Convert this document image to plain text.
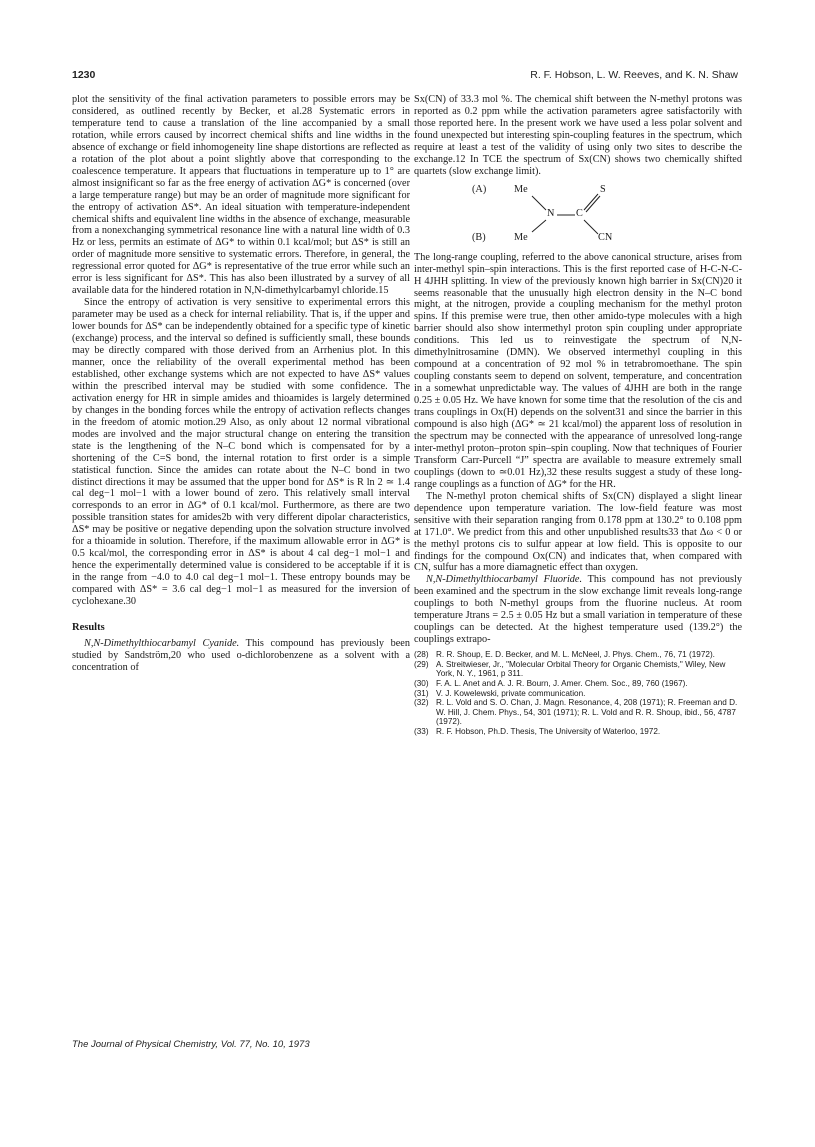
1230	R. F. Hobson, L. W. Reeves, and K. N. Shaw

plot the sensitivity of the final activation parameters to possible errors may be considered, as outlined recently by Becker, et al.28 Systematic errors in temperature tend to cause a translation of the line accompanied by a small rotation, while errors caused by incorrect chemical shifts and line widths in the absence of exchange or field inhomogeneity line shape distortions are reflected as a rotation of the plot about a point slightly above that corresponding to the coalescence temperature. It appears that fluctuations in temperature up to 1° are almost insignificant so far as the free energy of activation ΔG* is concerned (over a large temperature range) but may be an order of magnitude more significant for the entropy of activation ΔS*. An ideal situation with temperature-independent chemical shifts and equivalent line widths in the absence of exchange, measurable from a nonexchanging symmetrical resonance line with a natural line width of 0.3 Hz or less, permits an estimate of ΔG* to within 0.1 kcal/mol; but ΔS* is still an order of magnitude more sensitive to systematic errors. Therefore, in general, the regressional error quoted for ΔG* is representative of the true error while such an error is less significant for ΔS*. This has also been illustrated by a survey of all available data for the hindered rotation in N,N-dimethylcarbamyl chloride.15

Since the entropy of activation is very sensitive to experimental errors this parameter may be used as a check for internal reliability. That is, if the upper and lower bounds for ΔS* can be independently obtained for a specific type of kinetic (exchange) process, and the interval so defined is sufficiently small, these bounds may be directly compared with those derived from an Arrhenius plot. In this manner, once the reliability of the overall experimental method has been established, other exchange systems which are not expected to have ΔS* values within the prescribed interval may be studied with some confidence. The activation energy for HR in simple amides and thioamides is largely determined by changes in the bonding forces while the entropy of activation reflects changes in the freedom of atomic motion.29 Also, as only about 12 normal vibrational modes are involved and the major structural change on entering the transition state is the lengthening of the N–C bond which is compensated for by a shortening of the C=S bond, the internal rotation to first order is a simple statistical function. Since the amides can rotate about the N–C bond in two distinct directions it may be assumed that the upper bond for ΔS* is R ln 2 ≃ 1.4 cal deg−1 mol−1 with a lower bound of zero. This relatively small interval corresponds to an error in ΔG* of 0.1 kcal/mol. Furthermore, as there are two possible transition states for amides2b with very different dipolar characteristics, ΔS* may be positive or negative depending upon the solvation structure involved for a thioamide in solution. Therefore, if the maximum allowable error in ΔG* is 0.5 kcal/mol, the corresponding error in ΔS* is about 4 cal deg−1 mol−1 and hence the experimentally determined value is considered to be acceptable if it is in the range from −4.0 to 4.0 cal deg−1 mol−1. These entropy bounds may be compared with ΔS* = 3.6 cal deg−1 mol−1 as measured for the inversion of cyclohexane.30

Results

N,N-Dimethylthiocarbamyl Cyanide. This compound has previously been studied by Sandström,20 who used o-dichlorobenzene as a solvent with a concentration of

Sx(CN) of 33.3 mol %. The chemical shift between the N-methyl protons was reported as 0.2 ppm while the activation parameters agree satisfactorily with those reported here. In the present work we have used a less polar solvent and found unexpected but interesting spin-coupling features in the spectrum, which require at least a test of the validity of using only two sites to describe the exchange.12 In TCE the spectrum of Sx(CN) shows two chemically shifted quartets (slow exchange limit).

(A)
(B)
Me
Me
N C
S
CN

The long-range coupling, referred to the above canonical structure, arises from inter-methyl spin–spin interactions. This is the first reported case of H-C-N-C-H 4JHH splitting. In view of the previously known high barrier in Sx(CN)20 it seems reasonable that the unusually high electron density in the N–C bond might, at the nitrogen, provide a coupling mechanism for the methyl proton spins. If this premise were true, then other amido-type molecules with a high barrier should also show intermethyl proton spin coupling under appropriate conditions. This led us to reinvestigate the spectrum of N,N-dimethylnitrosamine (DMN). We observed intermethyl coupling in this compound at a concentration of 92 mol % in tetrabromoethane. The spin coupling constants seem to depend on solvent, temperature, and concentration in a somewhat unpredictable way. The values of 4JHH are both in the range 0.25 ± 0.05 Hz. We have known for some time that the resolution of the cis and trans couplings in Ox(H) depends on the solvent31 and since the barrier in this compound is also high (ΔG* ≃ 21 kcal/mol) the apparent loss of resolution in the spectrum may be connected with the appearance of unresolved long-range inter-methyl proton–proton spin–spin coupling. Now that techniques of Fourier Transform Carr-Purcell “J” spectra are available to measure extremely small couplings (down to ≃0.01 Hz),32 these results suggest a study of these long-range couplings as a function of ΔG* for the HR.

The N-methyl proton chemical shifts of Sx(CN) displayed a slight linear dependence upon temperature variation. The low-field feature was most sensitive with their separation ranging from 0.178 ppm at 130.2° to 0.108 ppm at 171.0°. We predict from this and other unpublished results33 that Δω < 0 or the methyl protons cis to sulfur appear at low field. This is opposite to our findings for the compound Ox(CN) and indicates that, when compared with CN, sulfur has a more diamagnetic effect than oxygen.

N,N-Dimethylthiocarbamyl Fluoride. This compound has not previously been examined and the spectrum in the slow exchange limit reveals long-range couplings to both N-methyl groups from the fluorine nucleus. At room temperature Jtrans = 2.5 ± 0.05 Hz but a small variation in temperature of these couplings can be detected. At the highest temperature used (139.2°) the couplings extrapo-

(28) R. R. Shoup, E. D. Becker, and M. L. McNeel, J. Phys. Chem., 76, 71 (1972).
(29) A. Streitwieser, Jr., "Molecular Orbital Theory for Organic Chemists," Wiley, New York, N. Y., 1961, p 311.
(30) F. A. L. Anet and A. J. R. Bourn, J. Amer. Chem. Soc., 89, 760 (1967).
(31) V. J. Kowelewski, private communication.
(32) R. L. Vold and S. O. Chan, J. Magn. Resonance, 4, 208 (1971); R. Freeman and D. W. Hill, J. Chem. Phys., 54, 301 (1971); R. L. Vold and R. R. Shoup, ibid., 56, 4787 (1972).
(33) R. F. Hobson, Ph.D. Thesis, The University of Waterloo, 1972.
The Journal of Physical Chemistry, Vol. 77, No. 10, 1973
